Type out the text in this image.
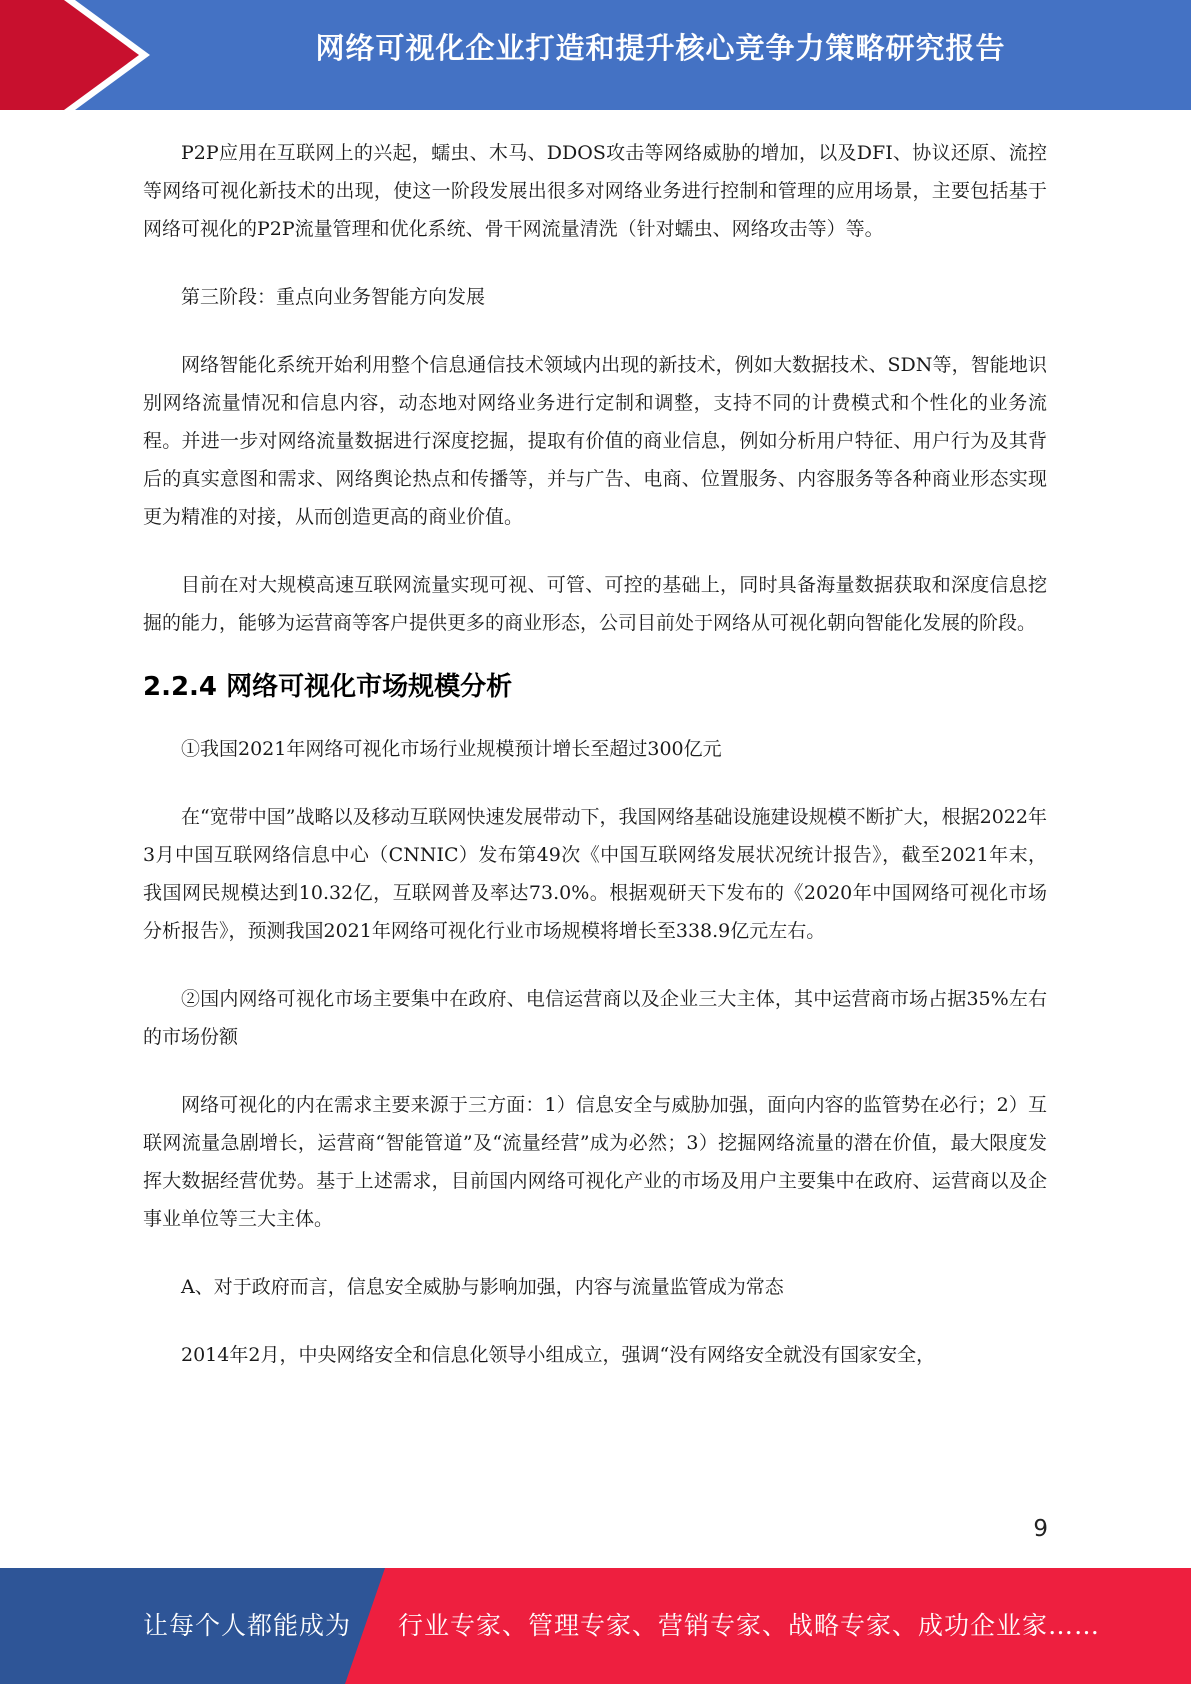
网络可视化企业打造和提升核心竞争力策略研究报告

P2P应用在互联网上的兴起，蠕虫、木马、DDOS攻击等网络威胁的增加，以及DFI、协议还原、流控等网络可视化新技术的出现，使这一阶段发展出很多对网络业务进行控制和管理的应用场景，主要包括基于网络可视化的P2P流量管理和优化系统、骨干网流量清洗（针对蠕虫、网络攻击等）等。

第三阶段：重点向业务智能方向发展

网络智能化系统开始利用整个信息通信技术领域内出现的新技术，例如大数据技术、SDN等，智能地识别网络流量情况和信息内容，动态地对网络业务进行定制和调整，支持不同的计费模式和个性化的业务流程。并进一步对网络流量数据进行深度挖掘，提取有价值的商业信息，例如分析用户特征、用户行为及其背后的真实意图和需求、网络舆论热点和传播等，并与广告、电商、位置服务、内容服务等各种商业形态实现更为精准的对接，从而创造更高的商业价值。

目前在对大规模高速互联网流量实现可视、可管、可控的基础上，同时具备海量数据获取和深度信息挖掘的能力，能够为运营商等客户提供更多的商业形态，公司目前处于网络从可视化朝向智能化发展的阶段。

2.2.4 网络可视化市场规模分析

①我国2021年网络可视化市场行业规模预计增长至超过300亿元

在“宽带中国”战略以及移动互联网快速发展带动下，我国网络基础设施建设规模不断扩大，根据2022年3月中国互联网络信息中心（CNNIC）发布第49次《中国互联网络发展状况统计报告》，截至2021年末，我国网民规模达到10.32亿，互联网普及率达73.0%。根据观研天下发布的《2020年中国网络可视化市场分析报告》，预测我国2021年网络可视化行业市场规模将增长至338.9亿元左右。

②国内网络可视化市场主要集中在政府、电信运营商以及企业三大主体，其中运营商市场占据35%左右的市场份额

网络可视化的内在需求主要来源于三方面：1）信息安全与威胁加强，面向内容的监管势在必行；2）互联网流量急剧增长，运营商“智能管道”及“流量经营”成为必然；3）挖掘网络流量的潜在价值，最大限度发挥大数据经营优势。基于上述需求，目前国内网络可视化产业的市场及用户主要集中在政府、运营商以及企事业单位等三大主体。

A、对于政府而言，信息安全威胁与影响加强，内容与流量监管成为常态

2014年2月，中央网络安全和信息化领导小组成立，强调“没有网络安全就没有国家安全，

9
让每个人都能成为 行业专家、管理专家、营销专家、战略专家、成功企业家……
